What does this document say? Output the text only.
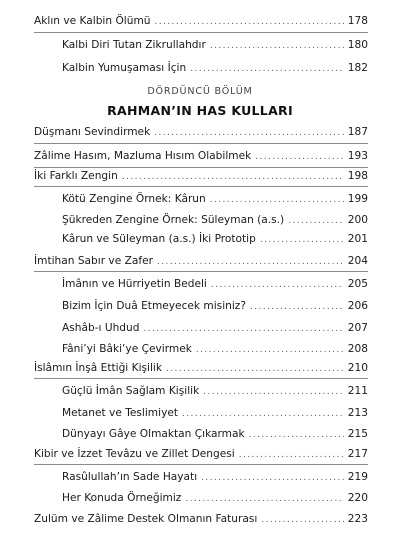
Aklın ve Kalbin Ölümü .....	178
Kalbi Diri Tutan Zikrullahdır .....	180
Kalbin Yumuşaması İçin .....	182
DÖRDÜNCÜ BÖLÜM
RAHMAN’IN HAS KULLARI
Düşmanı Sevindirmek .....	187
Zâlime Hasım, Mazluma Hısım Olabilmek .....	193
İki Farklı Zengin .....	198
Kötü Zengine Örnek: Kârun .....	199
Şükreden Zengine Örnek: Süleyman (a.s.) .....	200
Kârun ve Süleyman (a.s.) İki Prototip .....	201
İmtihan Sabır ve Zafer .....	204
İmânın ve Hürriyetin Bedeli .....	205
Bizim İçin Duâ Etmeyecek misiniz? .....	206
Ashâb-ı Uhdud .....	207
Fâni’yi Bâki’ye Çevirmek .....	208
İslâmın İnşâ Ettiği Kişilik .....	210
Güçlü İmân Sağlam Kişilik .....	211
Metanet ve Teslimiyet .....	213
Dünyayı Gâye Olmaktan Çıkarmak .....	215
Kibir ve İzzet Tevâzu ve Zillet Dengesi .....	217
Rasûlullah’ın Sade Hayatı .....	219
Her Konuda Örneğimiz .....	220
Zulüm ve Zâlime Destek Olmanın Faturası .....	223
